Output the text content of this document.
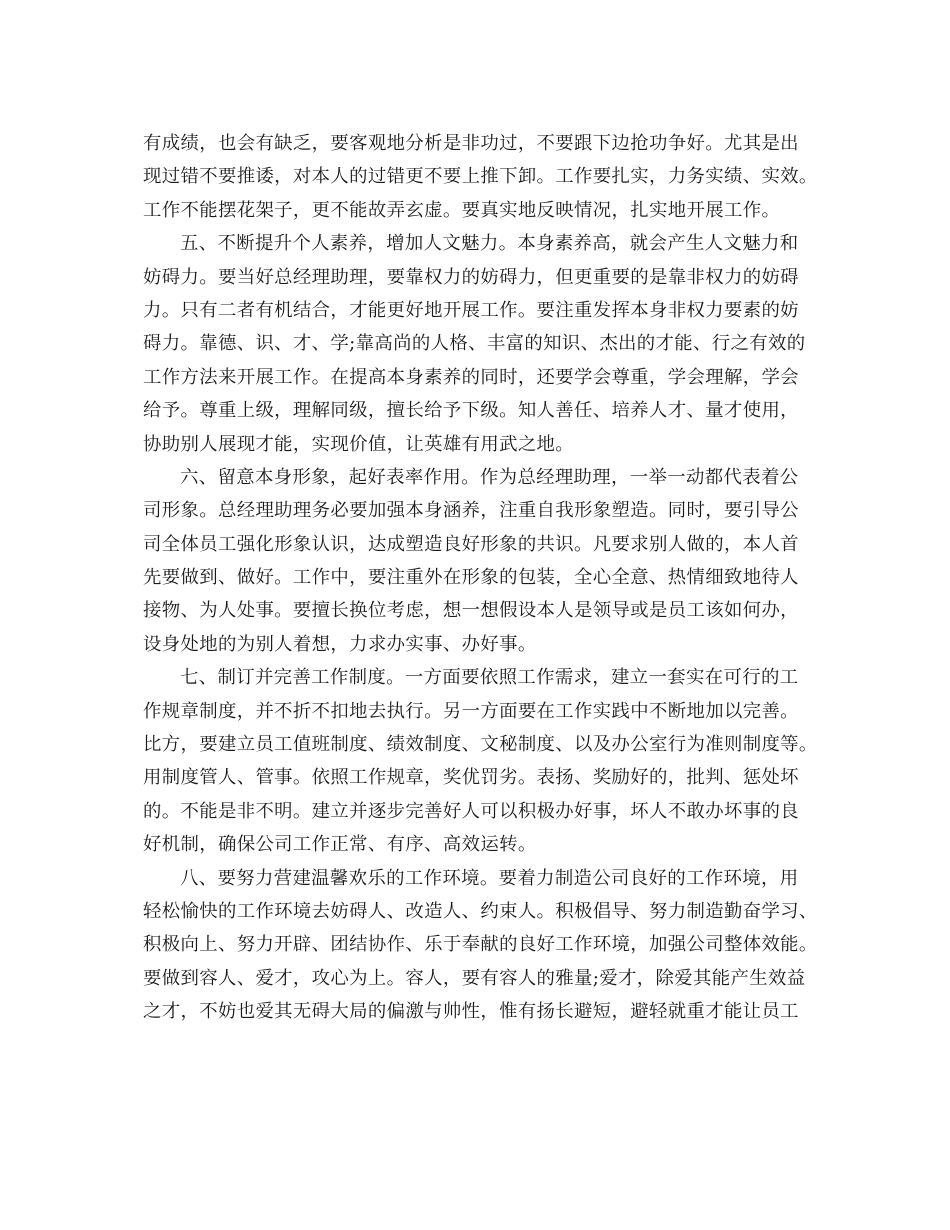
有成绩，也会有缺乏，要客观地分析是非功过，不要跟下边抢功争好。尤其是出
现过错不要推诿，对本人的过错更不要上推下卸。工作要扎实，力务实绩、实效。
工作不能摆花架子，更不能故弄玄虚。要真实地反映情况，扎实地开展工作。
五、不断提升个人素养，增加人文魅力。本身素养高，就会产生人文魅力和
妨碍力。要当好总经理助理，要靠权力的妨碍力，但更重要的是靠非权力的妨碍
力。只有二者有机结合，才能更好地开展工作。要注重发挥本身非权力要素的妨
碍力。靠德、识、才、学;靠高尚的人格、丰富的知识、杰出的才能、行之有效的
工作方法来开展工作。在提高本身素养的同时，还要学会尊重，学会理解，学会
给予。尊重上级，理解同级，擅长给予下级。知人善任、培养人才、量才使用，
协助别人展现才能，实现价值，让英雄有用武之地。
六、留意本身形象，起好表率作用。作为总经理助理，一举一动都代表着公
司形象。总经理助理务必要加强本身涵养，注重自我形象塑造。同时，要引导公
司全体员工强化形象认识，达成塑造良好形象的共识。凡要求别人做的，本人首
先要做到、做好。工作中，要注重外在形象的包装，全心全意、热情细致地待人
接物、为人处事。要擅长换位考虑，想一想假设本人是领导或是员工该如何办，
设身处地的为别人着想，力求办实事、办好事。
七、制订并完善工作制度。一方面要依照工作需求，建立一套实在可行的工
作规章制度，并不折不扣地去执行。另一方面要在工作实践中不断地加以完善。
比方，要建立员工值班制度、绩效制度、文秘制度、以及办公室行为准则制度等。
用制度管人、管事。依照工作规章，奖优罚劣。表扬、奖励好的，批判、惩处坏
的。不能是非不明。建立并逐步完善好人可以积极办好事，坏人不敢办坏事的良
好机制，确保公司工作正常、有序、高效运转。
八、要努力营建温馨欢乐的工作环境。要着力制造公司良好的工作环境，用
轻松愉快的工作环境去妨碍人、改造人、约束人。积极倡导、努力制造勤奋学习、
积极向上、努力开辟、团结协作、乐于奉献的良好工作环境，加强公司整体效能。
要做到容人、爱才，攻心为上。容人，要有容人的雅量;爱才，除爱其能产生效益
之才，不妨也爱其无碍大局的偏激与帅性，惟有扬长避短，避轻就重才能让员工
